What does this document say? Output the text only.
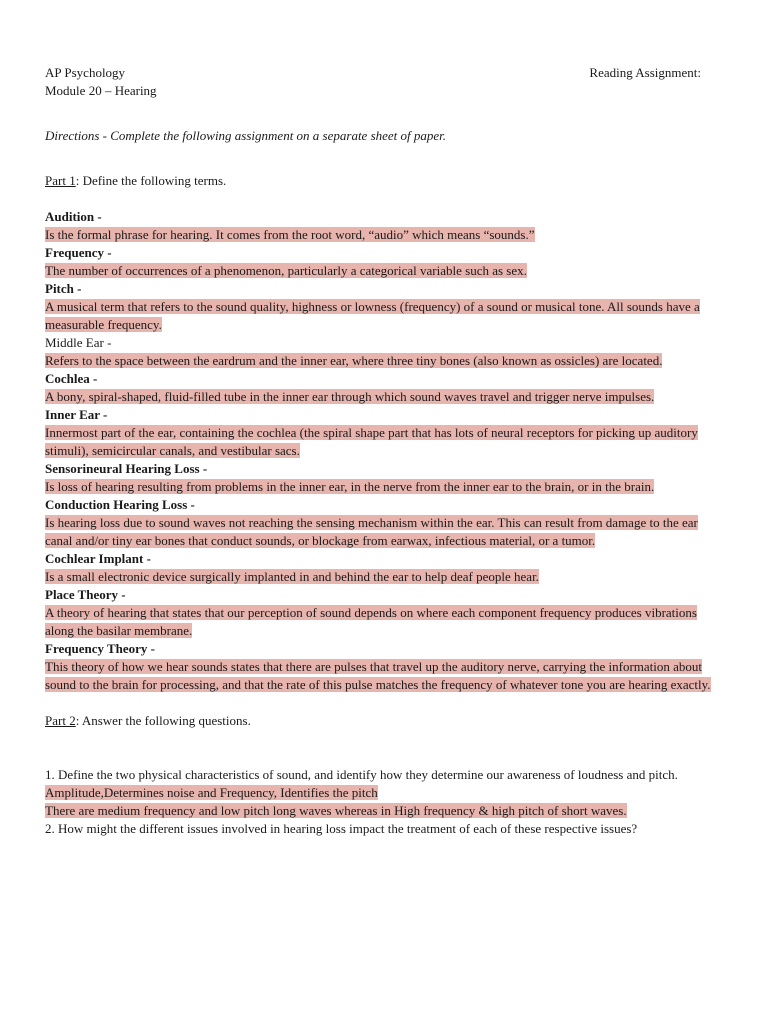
AP Psychology	Reading Assignment:
Module 20 – Hearing
Directions - Complete the following assignment on a separate sheet of paper.
Part 1: Define the following terms.
Audition -
Is the formal phrase for hearing. It comes from the root word, “audio” which means “sounds.”
Frequency -
The number of occurrences of a phenomenon, particularly a categorical variable such as sex.
Pitch -
A musical term that refers to the sound quality, highness or lowness (frequency) of a sound or musical tone. All sounds have a measurable frequency.
Middle Ear -
Refers to the space between the eardrum and the inner ear, where three tiny bones (also known as ossicles) are located.
Cochlea -
A bony, spiral-shaped, fluid-filled tube in the inner ear through which sound waves travel and trigger nerve impulses.
Inner Ear -
Innermost part of the ear, containing the cochlea (the spiral shape part that has lots of neural receptors for picking up auditory stimuli), semicircular canals, and vestibular sacs.
Sensorineural Hearing Loss -
Is loss of hearing resulting from problems in the inner ear, in the nerve from the inner ear to the brain, or in the brain.
Conduction Hearing Loss -
Is hearing loss due to sound waves not reaching the sensing mechanism within the ear. This can result from damage to the ear canal and/or tiny ear bones that conduct sounds, or blockage from earwax, infectious material, or a tumor.
Cochlear Implant -
Is a small electronic device surgically implanted in and behind the ear to help deaf people hear.
Place Theory -
A theory of hearing that states that our perception of sound depends on where each component frequency produces vibrations along the basilar membrane.
Frequency Theory -
This theory of how we hear sounds states that there are pulses that travel up the auditory nerve, carrying the information about sound to the brain for processing, and that the rate of this pulse matches the frequency of whatever tone you are hearing exactly.
Part 2: Answer the following questions.
1. Define the two physical characteristics of sound, and identify how they determine our awareness of loudness and pitch.
Amplitude,Determines noise and Frequency, Identifies the pitch
There are medium frequency and low pitch long waves whereas in High frequency & high pitch of short waves.
2. How might the different issues involved in hearing loss impact the treatment of each of these respective issues?
